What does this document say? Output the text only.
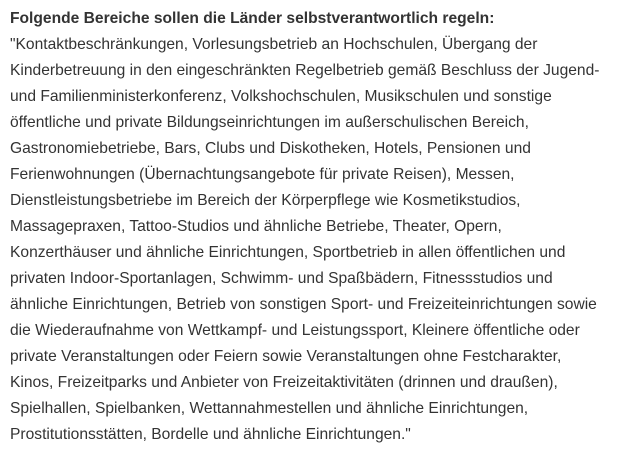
Folgende Bereiche sollen die Länder selbstverantwortlich regeln:

"Kontaktbeschränkungen, Vorlesungsbetrieb an Hochschulen, Übergang der
Kinderbetreuung in den eingeschränkten Regelbetrieb gemäß Beschluss der Jugend-
und Familienministerkonferenz, Volkshochschulen, Musikschulen und sonstige
öffentliche und private Bildungseinrichtungen im außerschulischen Bereich,
Gastronomiebetriebe, Bars, Clubs und Diskotheken, Hotels, Pensionen und
Ferienwohnungen (Übernachtungsangebote für private Reisen), Messen,
Dienstleistungsbetriebe im Bereich der Körperpflege wie Kosmetikstudios,
Massagepraxen, Tattoo-Studios und ähnliche Betriebe, Theater, Opern,
Konzerthäuser und ähnliche Einrichtungen, Sportbetrieb in allen öffentlichen und
privaten Indoor-Sportanlagen, Schwimm- und Spaßbädern, Fitnessstudios und
ähnliche Einrichtungen, Betrieb von sonstigen Sport- und Freizeiteinrichtungen sowie
die Wiederaufnahme von Wettkampf- und Leistungssport, Kleinere öffentliche oder
private Veranstaltungen oder Feiern sowie Veranstaltungen ohne Festcharakter,
Kinos, Freizeitparks und Anbieter von Freizeitaktivitäten (drinnen und draußen),
Spielhallen, Spielbanken, Wettannahmestellen und ähnliche Einrichtungen,
Prostitutionsstätten, Bordelle und ähnliche Einrichtungen."
